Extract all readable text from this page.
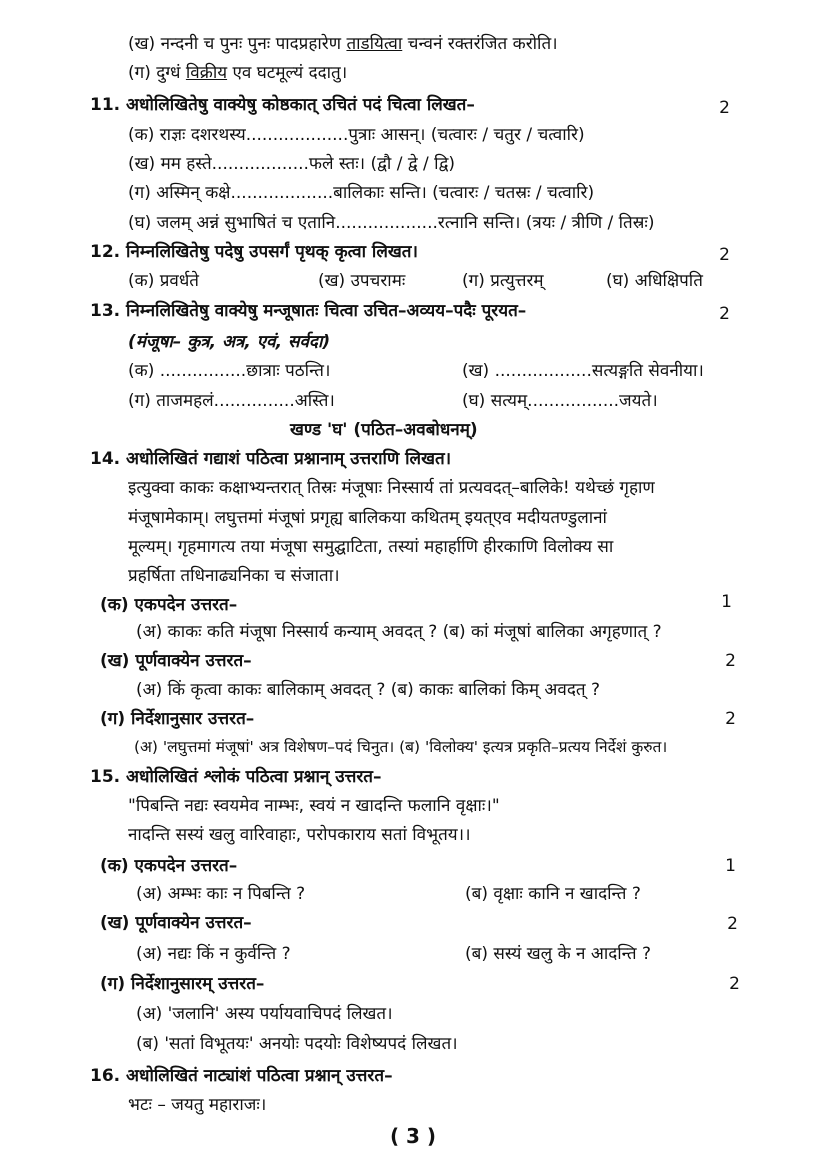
(ख) नन्दनी च पुनः पुनः पादप्रहारेण ताडयित्वा चन्वनं रक्तरंजित करोति।
(ग) दुग्धं विक्रीय एव घटमूल्यं ददातु।
11. अधोलिखितेषु वाक्येषु कोष्ठकात् उचितं पदं चित्वा लिखत–	2
(क) राज्ञः दशरथस्य...................पुत्राः आसन्। (चत्वारः / चतुर / चत्वारि)
(ख) मम हस्ते..................फले स्तः। (द्वौ / द्वे / द्वि)
(ग) अस्मिन् कक्षे...................बालिकाः सन्ति। (चत्वारः / चतस्रः / चत्वारि)
(घ) जलम् अन्नं सुभाषितं च एतानि...................रत्नानि सन्ति। (त्रयः / त्रीणि / तिस्रः)
12. निम्नलिखितेषु पदेषु उपसर्गं पृथक् कृत्वा लिखत।	2
(क) प्रवर्धते	(ख) उपचरामः	(ग) प्रत्युत्तरम्	(घ) अधिक्षिपति
13. निम्नलिखितेषु वाक्येषु मन्जूषातः चित्वा उचित–अव्यय–पदैः पूरयत–	2
(मंजूषा– कुत्र, अत्र, एवं, सर्वदा)
(क) ................छात्राः पठन्ति।	(ख) ..................सत्यङ्गति सेवनीया।
(ग) ताजमहलं...............अस्ति।	(घ) सत्यम्.................जयते।
खण्ड 'घ' (पठित–अवबोधनम्)
14. अधोलिखितं गद्याशं पठित्वा प्रश्नानाम् उत्तराणि लिखत।
इत्युक्वा काकः कक्षाभ्यन्तरात् तिस्रः मंजूषाः निस्सार्य तां प्रत्यवदत्–बालिके! यथेच्छं गृहाण
मंजूषामेकाम्। लघुत्तमां मंजूषां प्रगृह्य बालिकया कथितम् इयत्एव मदीयतण्डुलानां
मूल्यम्। गृहमागत्य तया मंजूषा समुद्घाटिता, तस्यां महार्हाणि हीरकाणि विलोक्य सा
प्रहर्षिता तधिनाढ्यनिका च संजाता।
(क) एकपदेन उत्तरत–	1
(अ) काकः कति मंजूषा निस्सार्य कन्याम् अवदत् ? (ब) कां मंजूषां बालिका अगृहणात् ?
(ख) पूर्णवाक्येन उत्तरत–	2
(अ) किं कृत्वा काकः बालिकाम् अवदत् ? (ब) काकः बालिकां किम् अवदत् ?
(ग) निर्देशानुसार उत्तरत–	2
(अ) 'लघुत्तमां मंजूषां' अत्र विशेषण–पदं चिनुत। (ब) 'विलोक्य' इत्यत्र प्रकृति–प्रत्यय निर्देशं कुरुत।
15. अधोलिखितं श्लोकं पठित्वा प्रश्नान् उत्तरत–
"पिबन्ति नद्यः स्वयमेव नाम्भः, स्वयं न खादन्ति फलानि वृक्षाः।"
नादन्ति सस्यं खलु वारिवाहाः, परोपकाराय सतां विभूतय।।
(क) एकपदेन उत्तरत–	1
(अ) अम्भः काः न पिबन्ति ?	(ब) वृक्षाः कानि न खादन्ति ?
(ख) पूर्णवाक्येन उत्तरत–	2
(अ) नद्यः किं न कुर्वन्ति ?	(ब) सस्यं खलु के न आदन्ति ?
(ग) निर्देशानुसारम् उत्तरत–	2
(अ) 'जलानि' अस्य पर्यायवाचिपदं लिखत।
(ब) 'सतां विभूतयः' अनयोः पदयोः विशेष्यपदं लिखत।
16. अधोलिखितं नाट्यांशं पठित्वा प्रश्नान् उत्तरत–
भटः – जयतु महाराजः।
( 3 )
